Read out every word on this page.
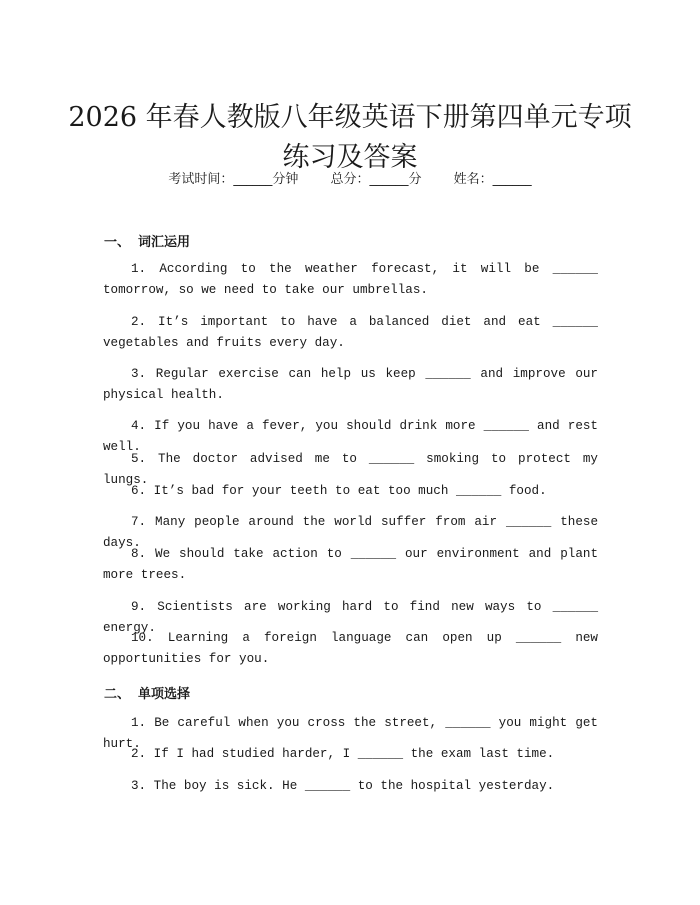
2026 年春人教版八年级英语下册第四单元专项练习及答案
考试时间：______分钟 总分：______分 姓名：______
一、 词汇运用
1. According to the weather forecast, it will be ______ tomorrow, so we need to take our umbrellas.
2. It’s important to have a balanced diet and eat ______ vegetables and fruits every day.
3. Regular exercise can help us keep ______ and improve our physical health.
4. If you have a fever, you should drink more ______ and rest well.
5. The doctor advised me to ______ smoking to protect my lungs.
6. It’s bad for your teeth to eat too much ______ food.
7. Many people around the world suffer from air ______ these days.
8. We should take action to ______ our environment and plant more trees.
9. Scientists are working hard to find new ways to ______ energy.
10. Learning a foreign language can open up ______ new opportunities for you.
二、 单项选择
1. Be careful when you cross the street, ______ you might get hurt.
2. If I had studied harder, I ______ the exam last time.
3. The boy is sick. He ______ to the hospital yesterday.
